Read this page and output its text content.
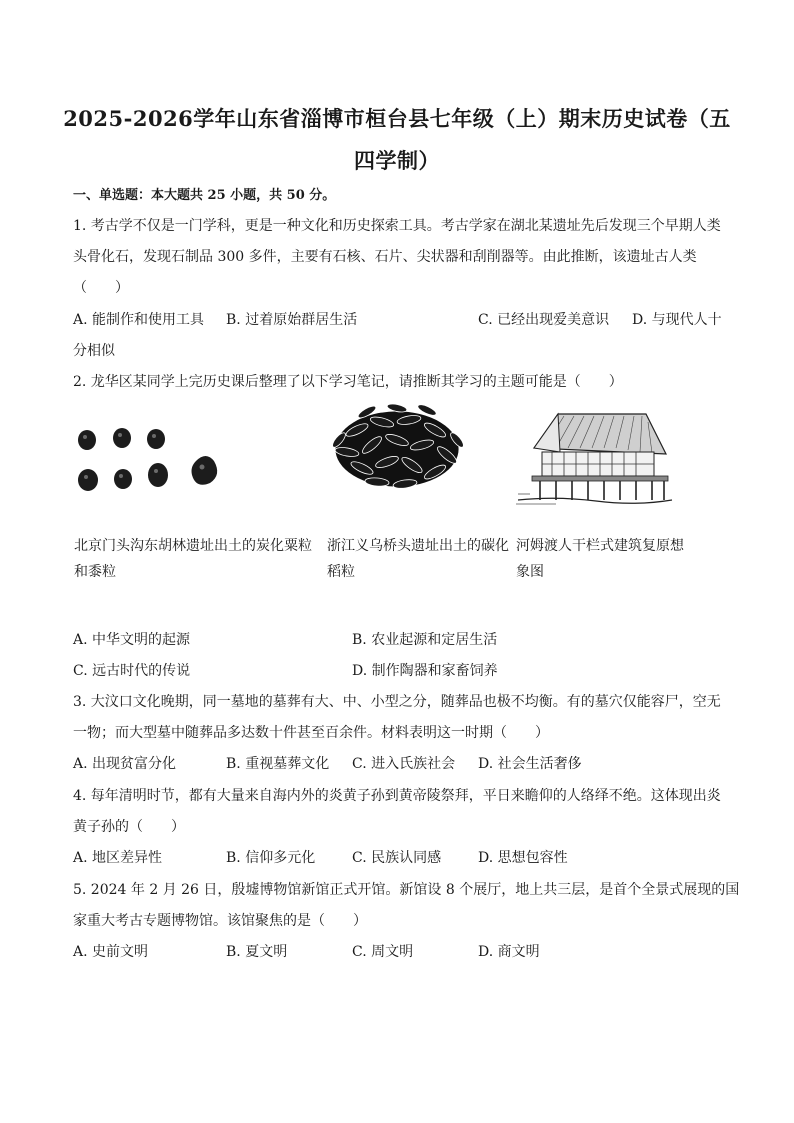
2025-2026学年山东省淄博市桓台县七年级（上）期末历史试卷（五
四学制）
一、单选题：本大题共 25 小题，共 50 分。
1. 考古学不仅是一门学科，更是一种文化和历史探索工具。考古学家在湖北某遗址先后发现三个早期人类
头骨化石，发现石制品 300 多件，主要有石核、石片、尖状器和刮削器等。由此推断，该遗址古人类
（　　）
A. 能制作和使用工具 B. 过着原始群居生活	C. 已经出现爱美意识 D. 与现代人十
分相似
2. 龙华区某同学上完历史课后整理了以下学习笔记，请推断其学习的主题可能是（　　）
北京门头沟东胡林遗址出土的炭化粟粒
和黍粒
浙江义乌桥头遗址出土的碳化
稻粒
河姆渡人干栏式建筑复原想
象图
A. 中华文明的起源	B. 农业起源和定居生活
C. 远古时代的传说	D. 制作陶器和家畜饲养
3. 大汶口文化晚期，同一墓地的墓葬有大、中、小型之分，随葬品也极不均衡。有的墓穴仅能容尸，空无
一物；而大型墓中随葬品多达数十件甚至百余件。材料表明这一时期（　　）
A. 出现贫富分化	B. 重视墓葬文化 C. 进入氏族社会 D. 社会生活奢侈
4. 每年清明时节，都有大量来自海内外的炎黄子孙到黄帝陵祭拜，平日来瞻仰的人络绎不绝。这体现出炎
黄子孙的（　　）
A. 地区差异性	B. 信仰多元化	C. 民族认同感	D. 思想包容性
5. 2024 年 2 月 26 日，殷墟博物馆新馆正式开馆。新馆设 8 个展厅，地上共三层，是首个全景式展现的国
家重大考古专题博物馆。该馆聚焦的是（　　）
A. 史前文明	B. 夏文明	C. 周文明	D. 商文明
